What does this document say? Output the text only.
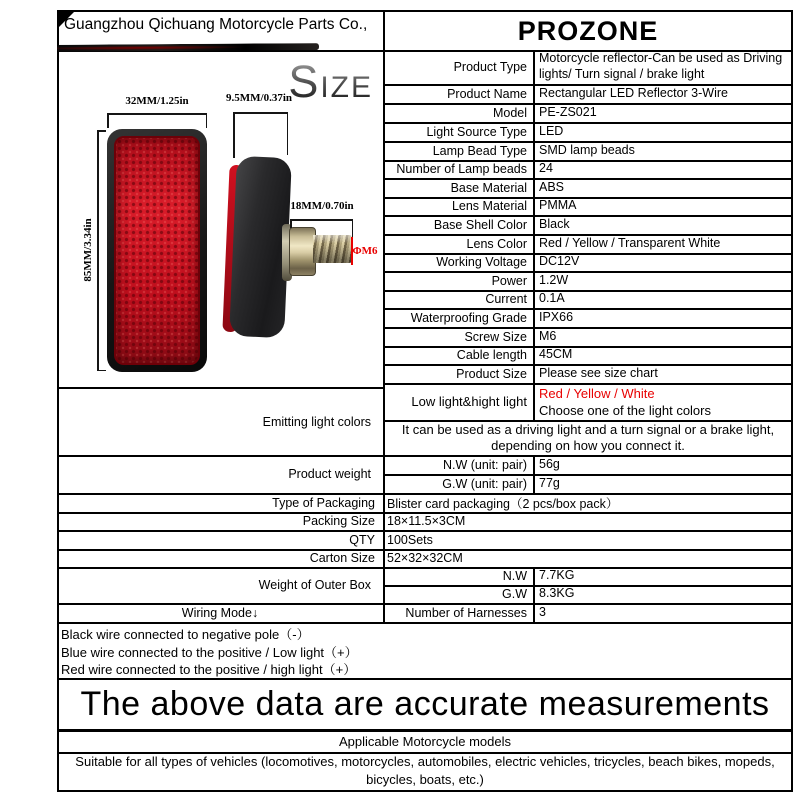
Guangzhou Qichuang Motorcycle Parts Co.,	PROZONE
SIZE
32MM/1.25in
85MM/3.34in
9.5MM/0.37in
18MM/0.70in
ΦM6
Product Type
Motorcycle reflector-Can be used as Driving lights/ Turn signal / brake light
Product Name Rectangular LED Reflector 3-Wire
Model PE-ZS021
Light Source Type LED
Lamp Bead Type SMD lamp beads
Number of Lamp beads 24
Base Material ABS
Lens Material PMMA
Base Shell Color Black
Lens Color Red / Yellow / Transparent White
Working Voltage DC12V
Power 1.2W
Current 0.1A
Waterproofing Grade IPX66
Screw Size M6
Cable length 45CM
Product Size Please see size chart
Emitting light colors
Low light&hight light
Red / Yellow / White
Choose one of the light colors
It can be used as a driving light and a turn signal or a brake light, depending on how you connect it.
Product weight
N.W (unit: pair) 56g
G.W (unit: pair) 77g
Type of Packaging Blister card packaging（2 pcs/box pack）
Packing Size 18×11.5×3CM
QTY 100Sets
Carton Size 52×32×32CM
Weight of Outer Box
N.W 7.7KG
G.W 8.3KG
Wiring Mode↓	Number of Harnesses 3
Black wire connected to negative pole（-）
Blue wire connected to the positive / Low light（+）
Red wire connected to the positive / high light（+）
The above data are accurate measurements
Applicable Motorcycle models
Suitable for all types of vehicles (locomotives, motorcycles, automobiles, electric vehicles, tricycles, beach bikes, mopeds, bicycles, boats, etc.)
